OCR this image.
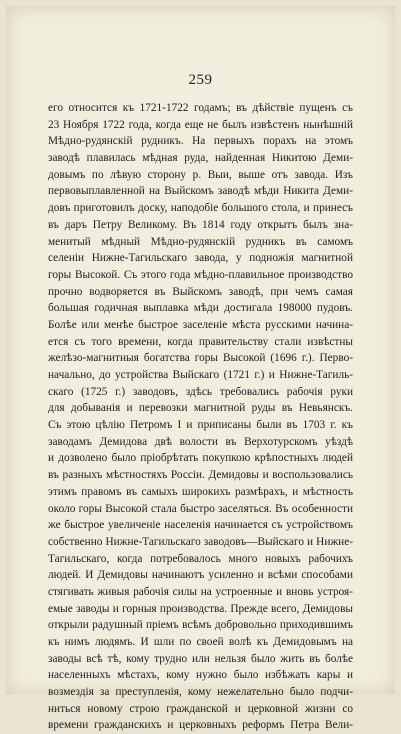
259
его относится къ 1721-1722 годамъ; въ дѣйствіе пущенъ съ
23 Ноября 1722 года, когда еще не былъ извѣстенъ нынѣшній
Мѣдно-рудянскій рудникъ. На первыхъ порахъ на этомъ
заводѣ плавилась мѣдная руда, найденная Никитою Деми-
довымъ по лѣвую сторону р. Выи, выше отъ завода. Изъ
первовыплавленной на Выйскомъ заводѣ мѣди Никита Деми-
довъ приготовилъ доску, наподобіе большого стола, и принесъ
въ даръ Петру Великому. Въ 1814 году открытъ былъ зна-
менитый мѣдный Мѣдно-рудянскій рудникъ въ самомъ
селеніи Нижне-Тагильскаго завода, у подножія магнитной
горы Высокой. Съ этого года мѣдно-плавильное производство
прочно водворяется въ Выйскомъ заводѣ, при чемъ самая
большая годичная выплавка мѣди достигала 198000 пудовъ.
Болѣе или менѣе быстрое заселеніе мѣста русскими начина-
ется съ того времени, когда правительству стали извѣстны
желѣзо-магнитныя богатства горы Высокой (1696 г.). Перво-
начально, до устройства Выйскаго (1721 г.) и Нижне-Тагиль-
скаго (1725 г.) заводовъ, здѣсь требовались рабочія руки
для добыванія и перевозки магнитной руды въ Невьянскъ.
Съ этою цѣлію Петромъ I и приписаны были въ 1703 г. къ
заводамъ Демидова двѣ волости въ Верхотурскомъ уѣздѣ
и дозволено было пріобрѣтать покупкою крѣпостныхъ людей
въ разныхъ мѣстностяхъ Россіи. Демидовы и воспользовались
этимъ правомъ въ самыхъ широкихъ размѣрахъ, и мѣстность
около горы Высокой стала быстро заселяться. Въ особенности
же быстрое увеличеніе населенія начинается съ устройствомъ
собственно Нижне-Тагильскаго заводовъ—Выйскаго и Нижне-
Тагильскаго, когда потребовалось много новыхъ рабочихъ
людей. И Демидовы начинаютъ усиленно и всѣми способами
стягивать живыя рабочія силы на устроенные и вновь устроя-
емые заводы и горныя производства. Прежде всего, Демидовы
открыли радушный пріемъ всѣмъ добровольно приходившимъ
къ нимъ людямъ. И шли по своей волѣ къ Демидовымъ на
заводы всѣ тѣ, кому трудно или нельзя было жить въ болѣе
населенныхъ мѣстахъ, кому нужно было избѣжать кары и
возмездія за преступленія, кому нежелательно было подчи-
ниться новому строю гражданской и церковной жизни со
времени гражданскихъ и церковныхъ реформъ Петра Вели-
